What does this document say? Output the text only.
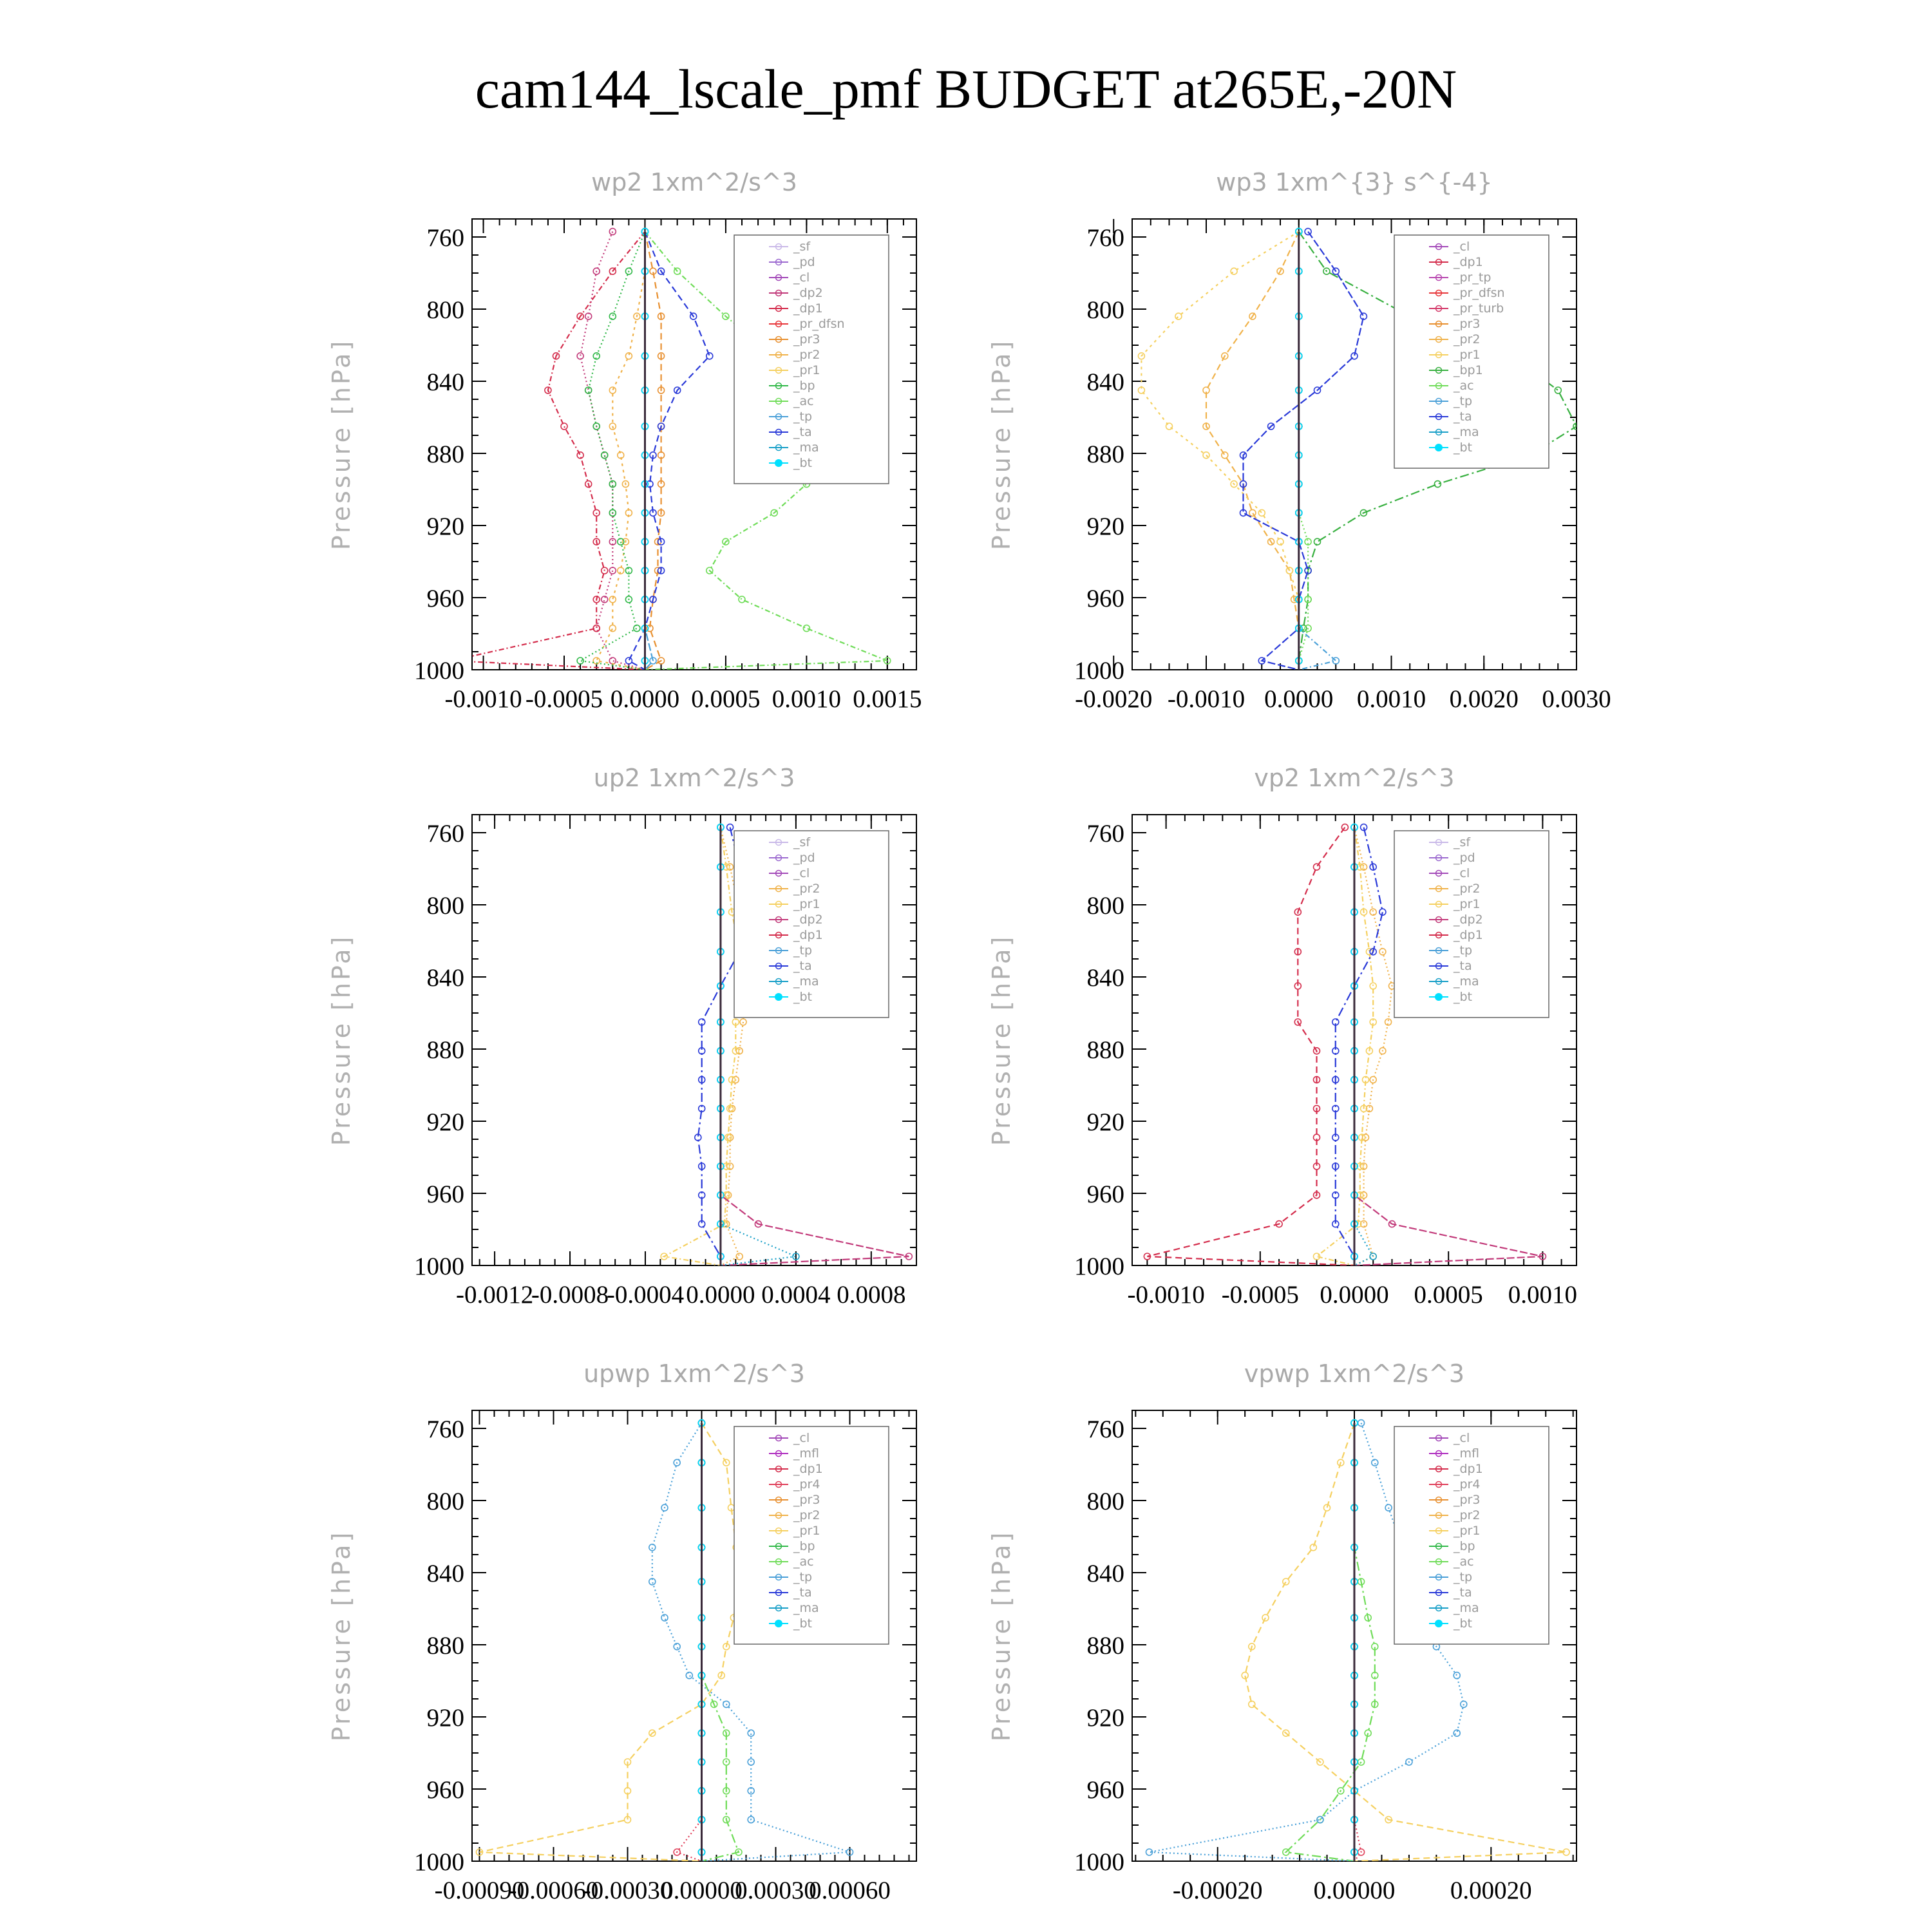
cam144_lscale_pmf BUDGET at265E,-20N
wp2 1xm^2/s^3
760
800
840
880
920
960
1000
-0.0010 -0.0005 0.0000 0.0005 0.0010 0.0015
Pressure [hPa]
_sf
_pd
_cl
_dp2
_dp1
_pr_dfsn
_pr3
_pr2
_pr1
_bp
_ac
_tp
_ta
_ma
_bt
wp3 1xm^{3} s^{-4}
760
800
840
880
920
960
1000
-0.0020 -0.0010 0.0000 0.0010 0.0020 0.0030
Pressure [hPa]
_cl
_dp1
_pr_tp
_pr_dfsn
_pr_turb
_pr3
_pr2
_pr1
_bp1
_ac
_tp
_ta
_ma
_bt
up2 1xm^2/s^3
760
800
840
880
920
960
1000
-0.0012
-0.0008
-0.0004 0.0000 0.0004 0.0008
Pressure [hPa]
_sf
_pd
_cl
_pr2
_pr1
_dp2
_dp1
_tp
_ta
_ma
_bt
vp2 1xm^2/s^3
760
800
840
880
920
960
1000
-0.0010 -0.0005 0.0000 0.0005 0.0010
Pressure [hPa]
_sf
_pd
_cl
_pr2
_pr1
_dp2
_dp1
_tp
_ta
_ma
_bt
upwp 1xm^2/s^3
760
800
840
880
920
960
1000
-0.00090
-0.00060
-0.00030
0.00000
0.00030
0.00060
Pressure [hPa]
_cl
_mfl
_dp1
_pr4
_pr3
_pr2
_pr1
_bp
_ac
_tp
_ta
_ma
_bt
vpwp 1xm^2/s^3
760
800
840
880
920
960
1000
-0.00020 0.00000 0.00020
Pressure [hPa]
_cl
_mfl
_dp1
_pr4
_pr3
_pr2
_pr1
_bp
_ac
_tp
_ta
_ma
_bt
